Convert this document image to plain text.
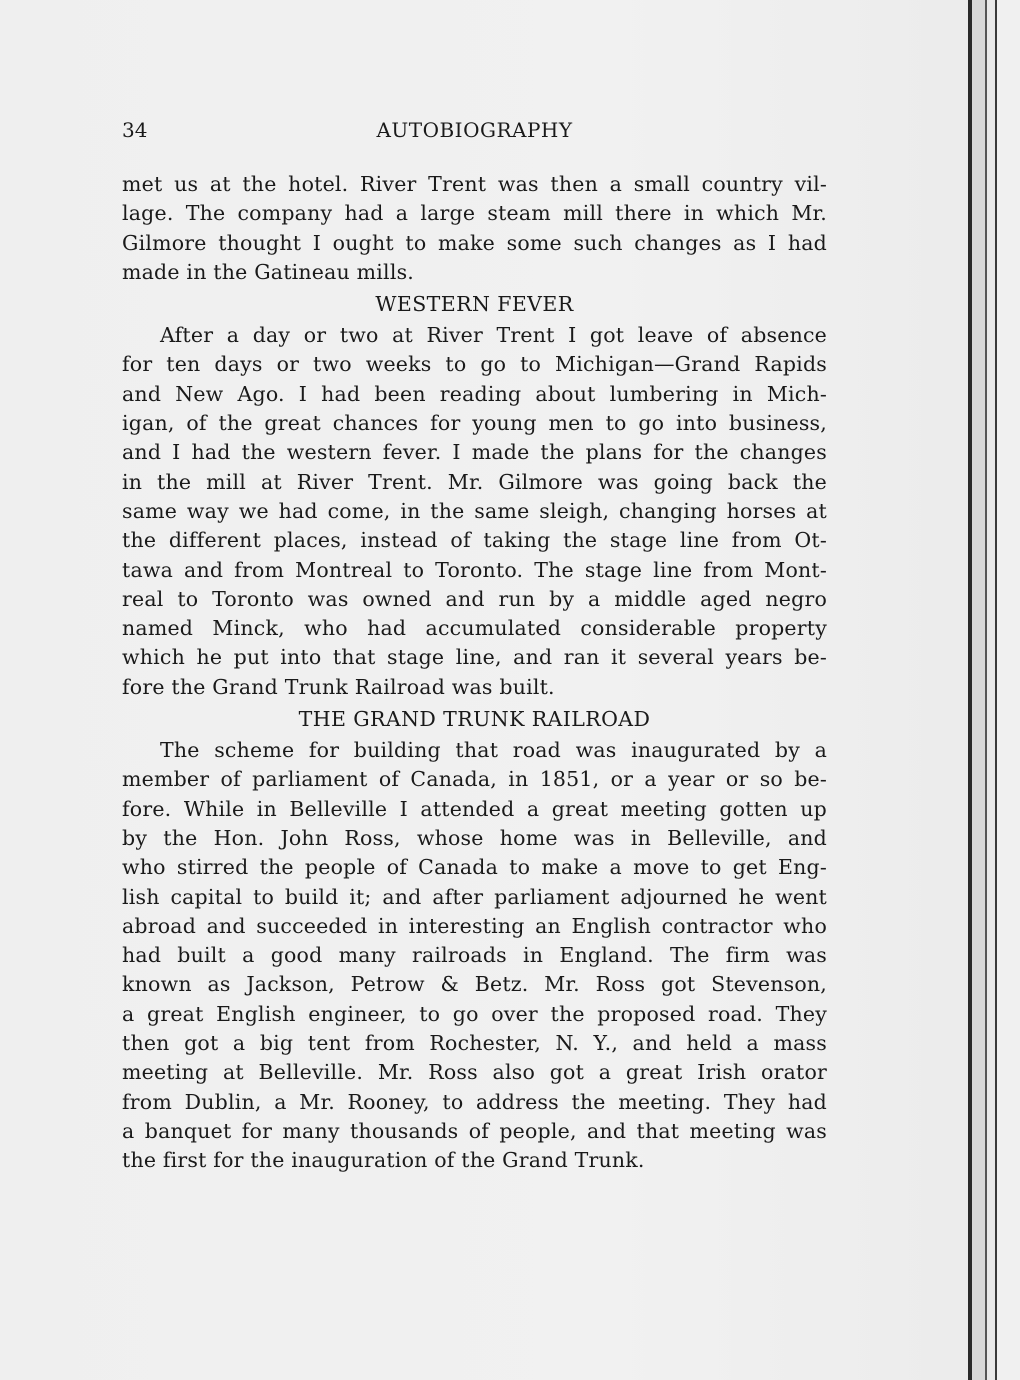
34	AUTOBIOGRAPHY
met us at the hotel. River Trent was then a small country vil-
lage. The company had a large steam mill there in which Mr.
Gilmore thought I ought to make some such changes as I had
made in the Gatineau mills.
WESTERN FEVER
After a day or two at River Trent I got leave of absence
for ten days or two weeks to go to Michigan—Grand Rapids
and New Ago. I had been reading about lumbering in Mich-
igan, of the great chances for young men to go into business,
and I had the western fever. I made the plans for the changes
in the mill at River Trent. Mr. Gilmore was going back the
same way we had come, in the same sleigh, changing horses at
the different places, instead of taking the stage line from Ot-
tawa and from Montreal to Toronto. The stage line from Mont-
real to Toronto was owned and run by a middle aged negro
named Minck, who had accumulated considerable property
which he put into that stage line, and ran it several years be-
fore the Grand Trunk Railroad was built.
THE GRAND TRUNK RAILROAD
The scheme for building that road was inaugurated by a
member of parliament of Canada, in 1851, or a year or so be-
fore. While in Belleville I attended a great meeting gotten up
by the Hon. John Ross, whose home was in Belleville, and
who stirred the people of Canada to make a move to get Eng-
lish capital to build it; and after parliament adjourned he went
abroad and succeeded in interesting an English contractor who
had built a good many railroads in England. The firm was
known as Jackson, Petrow & Betz. Mr. Ross got Stevenson,
a great English engineer, to go over the proposed road. They
then got a big tent from Rochester, N. Y., and held a mass
meeting at Belleville. Mr. Ross also got a great Irish orator
from Dublin, a Mr. Rooney, to address the meeting. They had
a banquet for many thousands of people, and that meeting was
the first for the inauguration of the Grand Trunk.
